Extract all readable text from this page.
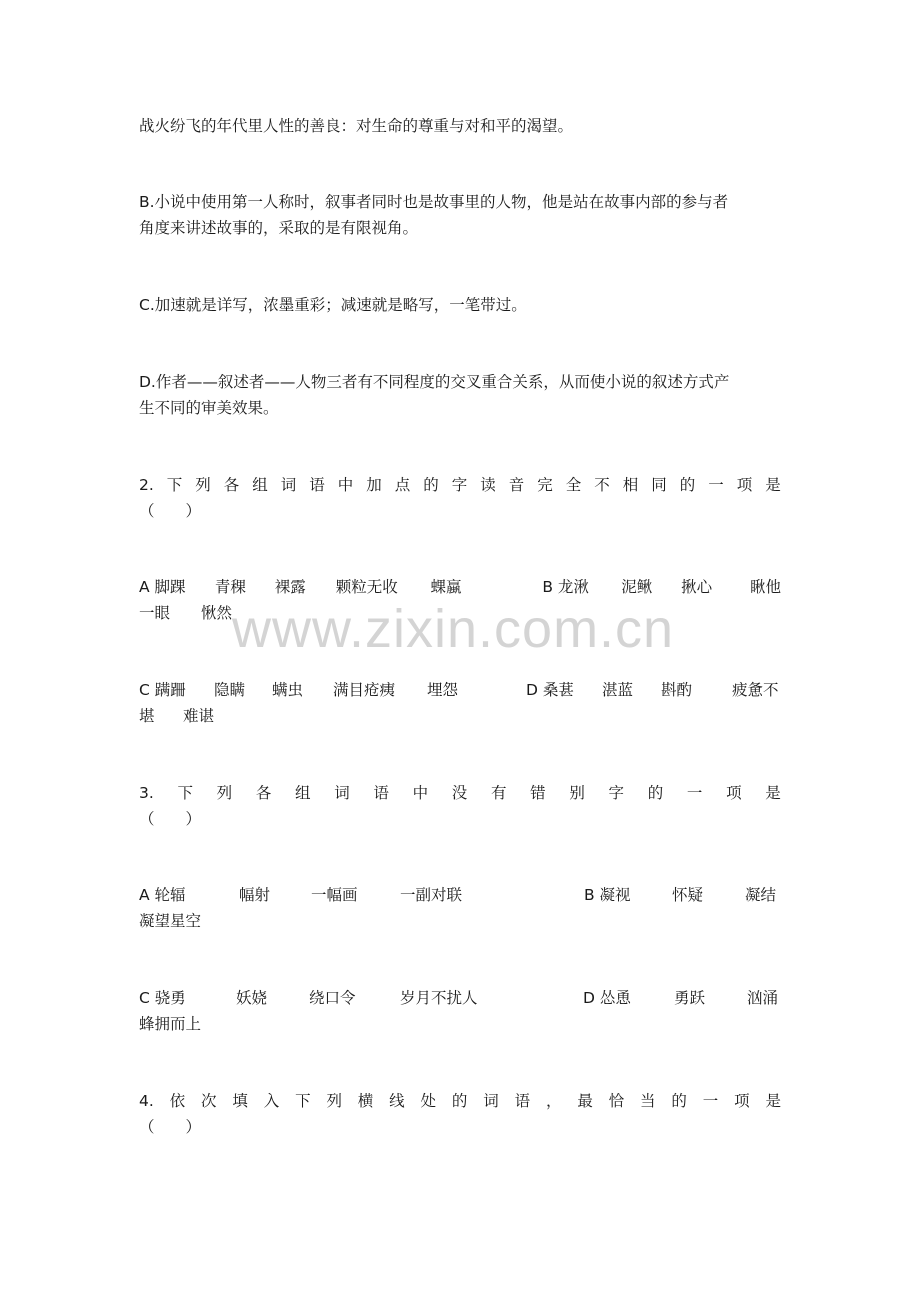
www.zixin.com.cn
战火纷飞的年代里人性的善良：对生命的尊重与对和平的渴望。
B.小说中使用第一人称时，叙事者同时也是故事里的人物，他是站在故事内部的参与者
角度来讲述故事的，采取的是有限视角。
C.加速就是详写，浓墨重彩；减速就是略写，一笔带过。
D.作者——叙述者——人物三者有不同程度的交叉重合关系，从而使小说的叙述方式产
生不同的审美效果。
2. 下 列 各 组 词 语 中 加 点 的 字 读 音 完 全 不 相 同 的 一 项 是
（　　）
A 脚踝	青稞	裸露	颗粒无收	蜾蠃	B 龙湫	泥鳅	揪心	瞅他
一眼	愀然
C 蹒跚	隐瞒	螨虫	满目疮痍	埋怨	D 桑葚	湛蓝	斟酌	疲惫不
堪	难谌
3. 下 列 各 组 词 语 中 没 有 错 别 字 的 一 项 是
（　　）
A 轮辐	幅射	一幅画	一副对联	B 凝视	怀疑	凝结
凝望星空
C 骁勇	妖娆	绕口令	岁月不扰人	D 怂恿	勇跃	汹涌
蜂拥而上
4. 依 次 填 入 下 列 横 线 处 的 词 语 ， 最 恰 当 的 一 项 是
（　　）
